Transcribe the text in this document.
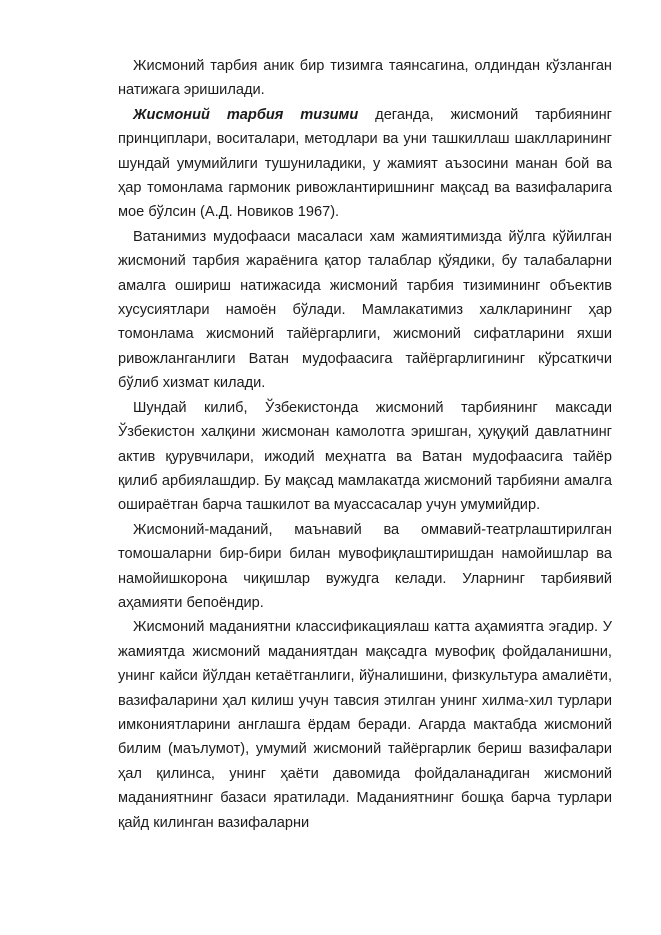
Жисмоний тарбия аник бир тизимга таянсагина, олдиндан кўзланган натижага эришилади.

Жисмоний тарбия тизими деганда, жисмоний тарбиянинг принциплари, воситалари, методлари ва уни ташкиллаш шаклларининг шундай умумийлиги тушуниладики, у жамият аъзосини манан бой ва ҳар томонлама гармоник ривожлантиришнинг мақсад ва вазифаларига мое бўлсин (А.Д. Новиков 1967).

Ватанимиз мудофааси масаласи хам жамиятимизда йўлга кўйилган жисмоний тарбия жараёнига қатор талаблар қўядики, бу талабаларни амалга ошириш натижасида жисмоний тарбия тизимининг объектив хусусиятлари намоён бўлади. Мамлакатимиз халкларининг ҳар томонлама жисмоний тайёргарлиги, жисмоний сифатларини яхши ривожланганлиги Ватан мудофаасига тайёргарлигининг кўрсаткичи бўлиб хизмат килади.

Шундай килиб, Ўзбекистонда жисмоний тарбиянинг максади Ўзбекистон халқини жисмонан камолотга эришган, ҳуқуқий давлатнинг актив қурувчилари, ижодий меҳнатга ва Ватан мудофаасига тайёр қилиб арбиялашдир. Бу мақсад мамлакатда жисмоний тарбияни амалга ошираётган барча ташкилот ва муассасалар учун умумийдир.

Жисмоний-маданий, маънавий ва оммавий-театрлаштирилган томошаларни бир-бири билан мувофиқлаштиришдан намойишлар ва намойишкорона чиқишлар вужудга келади. Уларнинг тарбиявий аҳамияти бепоёндир.

Жисмоний маданиятни классификациялаш катта аҳамиятга эгадир. У жамиятда жисмоний маданиятдан мақсадга мувофиқ фойдаланишни, унинг кайси йўлдан кетаётганлиги, йўналишини, физкультура амалиёти, вазифаларини ҳал килиш учун тавсия этилган унинг хилма-хил турлари имкониятларини англашга ёрдам беради. Агарда мактабда жисмоний билим (маълумот), умумий жисмоний тайёргарлик бериш вазифалари ҳал қилинса, унинг ҳаёти давомида фойдаланадиган жисмоний маданиятнинг базаси яратилади. Маданиятнинг бошқа барча турлари қайд килинган вазифаларни
